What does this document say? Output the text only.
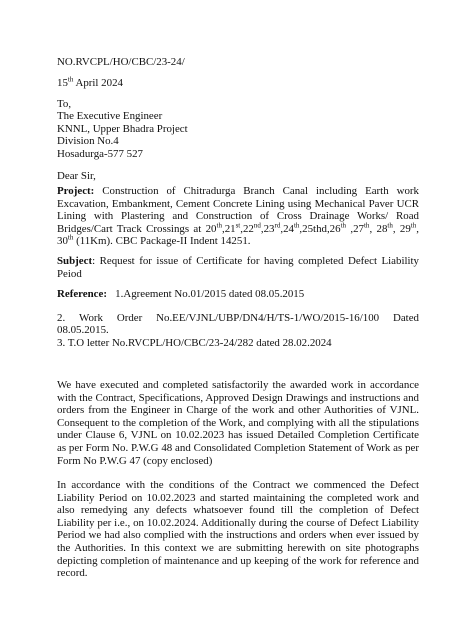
NO.RVCPL/HO/CBC/23-24/
15th April 2024
To,
The Executive Engineer
KNNL, Upper Bhadra Project
Division No.4
Hosadurga-577 527
Dear Sir,
Project: Construction of Chitradurga Branch Canal including Earth work Excavation, Embankment, Cement Concrete Lining using Mechanical Paver UCR Lining with Plastering and Construction of Cross Drainage Works/ Road Bridges/Cart Track Crossings at 20th,21st,22nd,23rd,24th,25thd,26th ,27th, 28th, 29th, 30th (11Km). CBC Package-II Indent 14251.
Subject: Request for issue of Certificate for having completed Defect Liability Peiod
Reference: 1.Agreement No.01/2015 dated 08.05.2015
2. Work Order No.EE/VJNL/UBP/DN4/H/TS-1/WO/2015-16/100 Dated
08.05.2015.
3. T.O letter No.RVCPL/HO/CBC/23-24/282 dated 28.02.2024
We have executed and completed satisfactorily the awarded work in accordance with the Contract, Specifications, Approved Design Drawings and instructions and orders from the Engineer in Charge of the work and other Authorities of VJNL. Consequent to the completion of the Work, and complying with all the stipulations under Clause 6, VJNL on 10.02.2023 has issued Detailed Completion Certificate as per Form No. P.W.G 48 and Consolidated Completion Statement of Work as per Form No P.W.G 47 (copy enclosed)
In accordance with the conditions of the Contract we commenced the Defect Liability Period on 10.02.2023 and started maintaining the completed work and also remedying any defects whatsoever found till the completion of Defect Liability per i.e., on 10.02.2024. Additionally during the course of Defect Liability Period we had also complied with the instructions and orders when ever issued by the Authorities. In this context we are submitting herewith on site photographs depicting completion of maintenance and up keeping of the work for reference and record.
